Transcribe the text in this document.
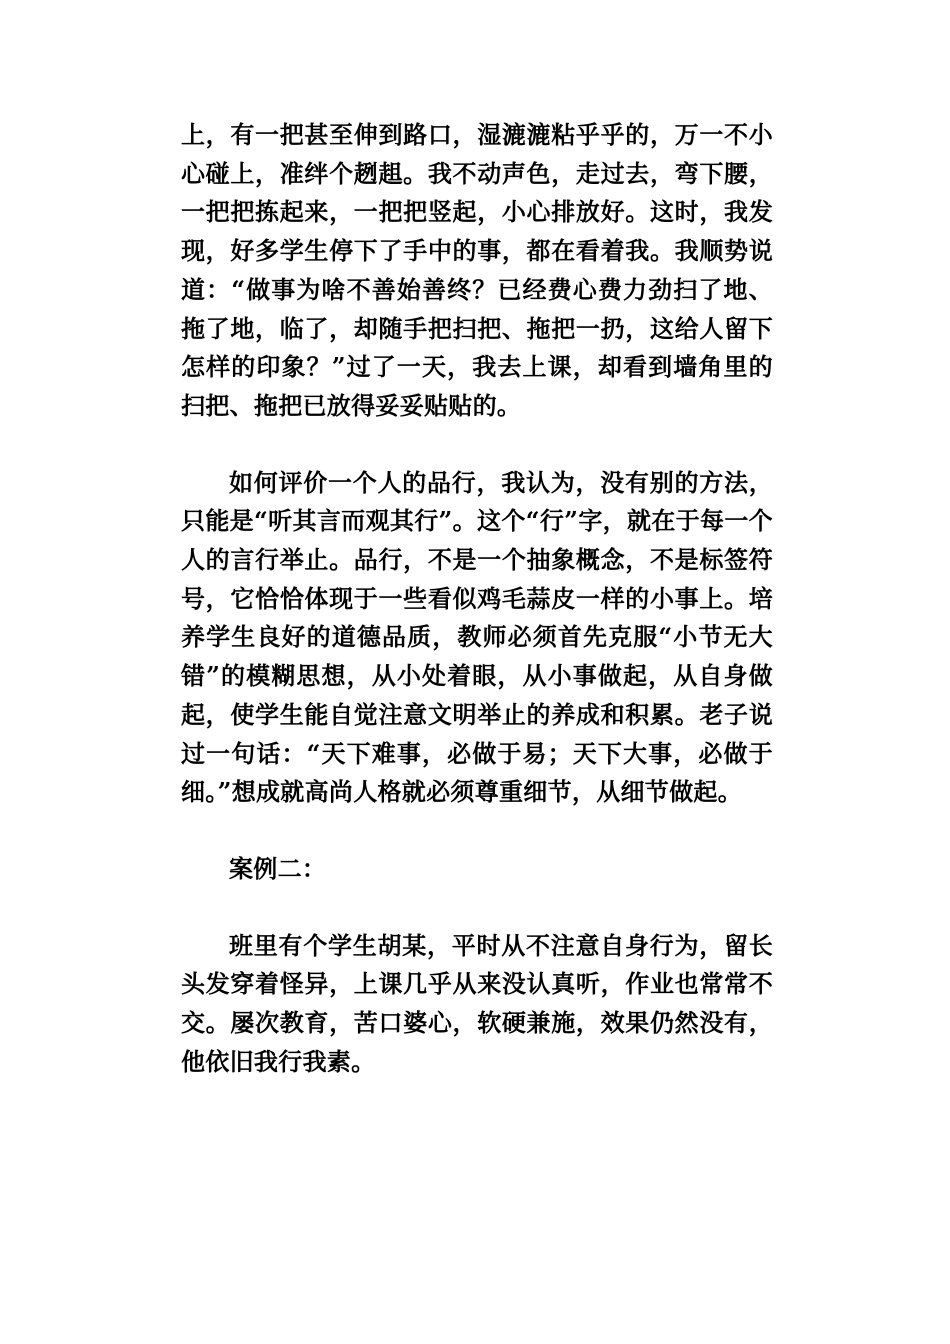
上，有一把甚至伸到路口，湿漉漉粘乎乎的，万一不小心碰上，准绊个趔趄。我不动声色，走过去，弯下腰，一把把拣起来，一把把竖起，小心排放好。这时，我发现，好多学生停下了手中的事，都在看着我。我顺势说道：“做事为啥不善始善终？已经费心费力劲扫了地、拖了地，临了，却随手把扫把、拖把一扔，这给人留下怎样的印象？”过了一天，我去上课，却看到墙角里的扫把、拖把已放得妥妥贴贴的。

如何评价一个人的品行，我认为，没有别的方法，只能是“听其言而观其行”。这个“行”字，就在于每一个人的言行举止。品行，不是一个抽象概念，不是标签符号，它恰恰体现于一些看似鸡毛蒜皮一样的小事上。培养学生良好的道德品质，教师必须首先克服“小节无大错”的模糊思想，从小处着眼，从小事做起，从自身做起，使学生能自觉注意文明举止的养成和积累。老子说过一句话：“天下难事，必做于易；天下大事，必做于细。”想成就高尚人格就必须尊重细节，从细节做起。

案例二：

班里有个学生胡某，平时从不注意自身行为，留长头发穿着怪异，上课几乎从来没认真听，作业也常常不交。屡次教育，苦口婆心，软硬兼施，效果仍然没有，他依旧我行我素。
